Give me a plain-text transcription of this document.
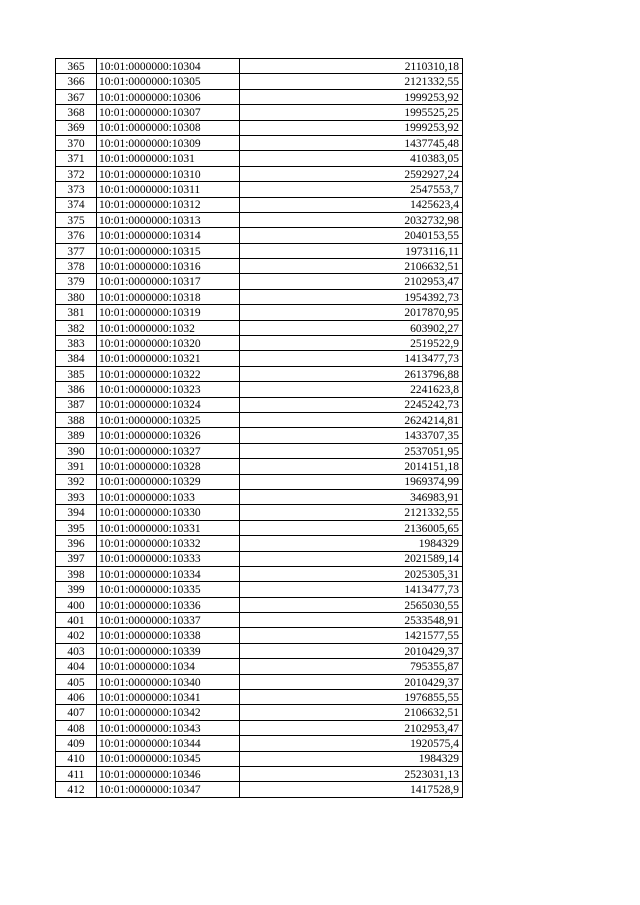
365	10:01:0000000:10304	2110310,18
366	10:01:0000000:10305	2121332,55
367	10:01:0000000:10306	1999253,92
368	10:01:0000000:10307	1995525,25
369	10:01:0000000:10308	1999253,92
370	10:01:0000000:10309	1437745,48
371	10:01:0000000:1031	410383,05
372	10:01:0000000:10310	2592927,24
373	10:01:0000000:10311	2547553,7
374	10:01:0000000:10312	1425623,4
375	10:01:0000000:10313	2032732,98
376	10:01:0000000:10314	2040153,55
377	10:01:0000000:10315	1973116,11
378	10:01:0000000:10316	2106632,51
379	10:01:0000000:10317	2102953,47
380	10:01:0000000:10318	1954392,73
381	10:01:0000000:10319	2017870,95
382	10:01:0000000:1032	603902,27
383	10:01:0000000:10320	2519522,9
384	10:01:0000000:10321	1413477,73
385	10:01:0000000:10322	2613796,88
386	10:01:0000000:10323	2241623,8
387	10:01:0000000:10324	2245242,73
388	10:01:0000000:10325	2624214,81
389	10:01:0000000:10326	1433707,35
390	10:01:0000000:10327	2537051,95
391	10:01:0000000:10328	2014151,18
392	10:01:0000000:10329	1969374,99
393	10:01:0000000:1033	346983,91
394	10:01:0000000:10330	2121332,55
395	10:01:0000000:10331	2136005,65
396	10:01:0000000:10332	1984329
397	10:01:0000000:10333	2021589,14
398	10:01:0000000:10334	2025305,31
399	10:01:0000000:10335	1413477,73
400	10:01:0000000:10336	2565030,55
401	10:01:0000000:10337	2533548,91
402	10:01:0000000:10338	1421577,55
403	10:01:0000000:10339	2010429,37
404	10:01:0000000:1034	795355,87
405	10:01:0000000:10340	2010429,37
406	10:01:0000000:10341	1976855,55
407	10:01:0000000:10342	2106632,51
408	10:01:0000000:10343	2102953,47
409	10:01:0000000:10344	1920575,4
410	10:01:0000000:10345	1984329
411	10:01:0000000:10346	2523031,13
412	10:01:0000000:10347	1417528,9
